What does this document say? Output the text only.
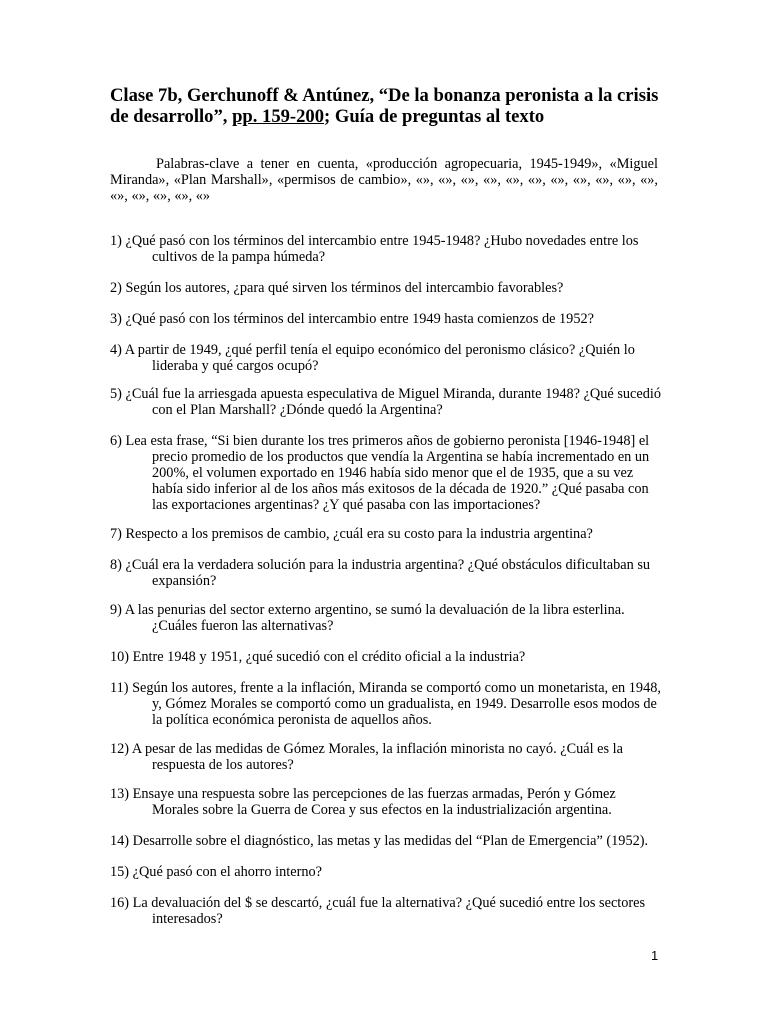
Clase 7b, Gerchunoff & Antúnez, “De la bonanza peronista a la crisis de desarrollo”, pp. 159-200; Guía de preguntas al texto
Palabras-clave a tener en cuenta, «producción agropecuaria, 1945-1949», «Miguel Miranda», «Plan Marshall», «permisos de cambio», «», «», «», «», «», «», «», «», «», «», «», «», «», «», «», «»
1) ¿Qué pasó con los términos del intercambio entre 1945-1948? ¿Hubo novedades entre los cultivos de la pampa húmeda?
2) Según los autores, ¿para qué sirven los términos del intercambio favorables?
3) ¿Qué pasó con los términos del intercambio entre 1949 hasta comienzos de 1952?
4) A partir de 1949, ¿qué perfil tenía el equipo económico del peronismo clásico? ¿Quién lo lideraba y qué cargos ocupó?
5) ¿Cuál fue la arriesgada apuesta especulativa de Miguel Miranda, durante 1948? ¿Qué sucedió con el Plan Marshall? ¿Dónde quedó la Argentina?
6) Lea esta frase, “Si bien durante los tres primeros años de gobierno peronista [1946-1948] el precio promedio de los productos que vendía la Argentina se había incrementado en un 200%, el volumen exportado en 1946 había sido menor que el de 1935, que a su vez había sido inferior al de los años más exitosos de la década de 1920.” ¿Qué pasaba con las exportaciones argentinas? ¿Y qué pasaba con las importaciones?
7) Respecto a los premisos de cambio, ¿cuál era su costo para la industria argentina?
8) ¿Cuál era la verdadera solución para la industria argentina? ¿Qué obstáculos dificultaban su expansión?
9) A las penurias del sector externo argentino, se sumó la devaluación de la libra esterlina. ¿Cuáles fueron las alternativas?
10) Entre 1948 y 1951, ¿qué sucedió con el crédito oficial a la industria?
11) Según los autores, frente a la inflación, Miranda se comportó como un monetarista, en 1948, y, Gómez Morales se comportó como un gradualista, en 1949. Desarrolle esos modos de la política económica peronista de aquellos años.
12) A pesar de las medidas de Gómez Morales, la inflación minorista no cayó. ¿Cuál es la respuesta de los autores?
13) Ensaye una respuesta sobre las percepciones de las fuerzas armadas, Perón y Gómez Morales sobre la Guerra de Corea y sus efectos en la industrialización argentina.
14) Desarrolle sobre el diagnóstico, las metas y las medidas del “Plan de Emergencia” (1952).
15) ¿Qué pasó con el ahorro interno?
16) La devaluación del $ se descartó, ¿cuál fue la alternativa? ¿Qué sucedió entre los sectores interesados?
1
